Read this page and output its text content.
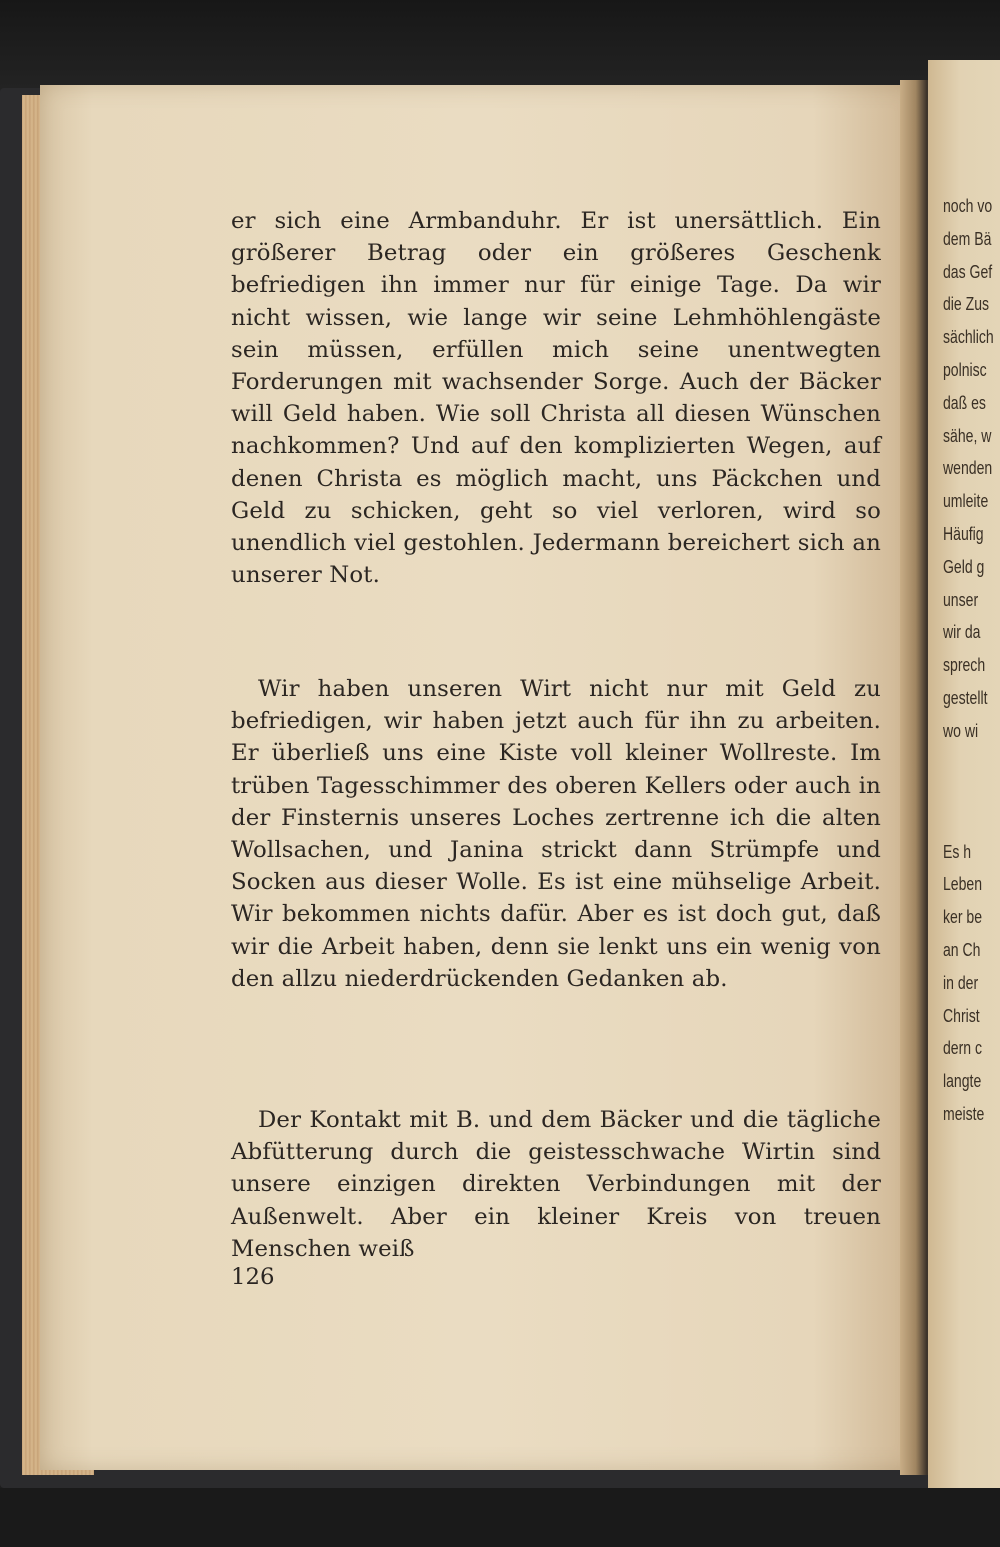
noch vo
dem Bä
das Gef
die Zus
sächlich
polnisc
daß es
sähe, w
wenden
umleite
Häufig
Geld g
unser
wir da
sprech
gestellt
wo wi
Es h
Leben
ker be
an Ch
in der
Christ
dern c
langte
meiste

er sich eine Armbanduhr. Er ist unersättlich. Ein größerer Betrag oder ein größeres Geschenk befriedigen ihn immer nur für einige Tage. Da wir nicht wissen, wie lange wir seine Lehmhöhlengäste sein müssen, erfüllen mich seine unentwegten Forderungen mit wachsender Sorge. Auch der Bäcker will Geld haben. Wie soll Christa all diesen Wünschen nachkommen? Und auf den komplizierten Wegen, auf denen Christa es möglich macht, uns Päckchen und Geld zu schicken, geht so viel verloren, wird so unendlich viel gestohlen. Jedermann bereichert sich an unserer Not.

Wir haben unseren Wirt nicht nur mit Geld zu befriedigen, wir haben jetzt auch für ihn zu arbeiten. Er überließ uns eine Kiste voll kleiner Wollreste. Im trüben Tagesschimmer des oberen Kellers oder auch in der Finsternis unseres Loches zertrenne ich die alten Wollsachen, und Janina strickt dann Strümpfe und Socken aus dieser Wolle. Es ist eine mühselige Arbeit. Wir bekommen nichts dafür. Aber es ist doch gut, daß wir die Arbeit haben, denn sie lenkt uns ein wenig von den allzu niederdrückenden Gedanken ab.

Der Kontakt mit B. und dem Bäcker und die tägliche Abfütterung durch die geistesschwache Wirtin sind unsere einzigen direkten Verbindungen mit der Außenwelt. Aber ein kleiner Kreis von treuen Menschen weiß

126
